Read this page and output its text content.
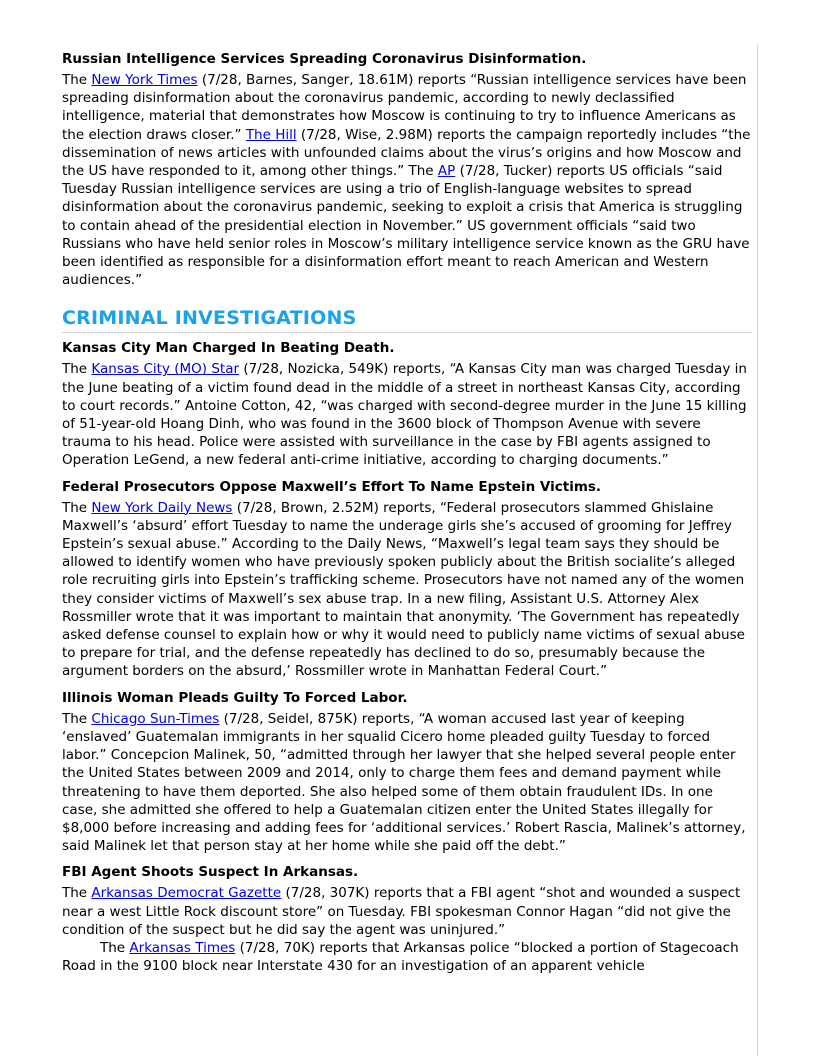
Russian Intelligence Services Spreading Coronavirus Disinformation.

The New York Times (7/28, Barnes, Sanger, 18.61M) reports “Russian intelligence services have been spreading disinformation about the coronavirus pandemic, according to newly declassified intelligence, material that demonstrates how Moscow is continuing to try to influence Americans as the election draws closer.” The Hill (7/28, Wise, 2.98M) reports the campaign reportedly includes “the dissemination of news articles with unfounded claims about the virus’s origins and how Moscow and the US have responded to it, among other things.” The AP (7/28, Tucker) reports US officials “said Tuesday Russian intelligence services are using a trio of English-language websites to spread disinformation about the coronavirus pandemic, seeking to exploit a crisis that America is struggling to contain ahead of the presidential election in November.” US government officials “said two Russians who have held senior roles in Moscow’s military intelligence service known as the GRU have been identified as responsible for a disinformation effort meant to reach American and Western audiences.”

CRIMINAL INVESTIGATIONS
Kansas City Man Charged In Beating Death.

The Kansas City (MO) Star (7/28, Nozicka, 549K) reports, “A Kansas City man was charged Tuesday in the June beating of a victim found dead in the middle of a street in northeast Kansas City, according to court records.” Antoine Cotton, 42, “was charged with second-degree murder in the June 15 killing of 51-year-old Hoang Dinh, who was found in the 3600 block of Thompson Avenue with severe trauma to his head. Police were assisted with surveillance in the case by FBI agents assigned to Operation LeGend, a new federal anti-crime initiative, according to charging documents.”

Federal Prosecutors Oppose Maxwell’s Effort To Name Epstein Victims.

The New York Daily News (7/28, Brown, 2.52M) reports, “Federal prosecutors slammed Ghislaine Maxwell’s ‘absurd’ effort Tuesday to name the underage girls she’s accused of grooming for Jeffrey Epstein’s sexual abuse.” According to the Daily News, “Maxwell’s legal team says they should be allowed to identify women who have previously spoken publicly about the British socialite’s alleged role recruiting girls into Epstein’s trafficking scheme. Prosecutors have not named any of the women they consider victims of Maxwell’s sex abuse trap. In a new filing, Assistant U.S. Attorney Alex Rossmiller wrote that it was important to maintain that anonymity. ‘The Government has repeatedly asked defense counsel to explain how or why it would need to publicly name victims of sexual abuse to prepare for trial, and the defense repeatedly has declined to do so, presumably because the argument borders on the absurd,’ Rossmiller wrote in Manhattan Federal Court.”

Illinois Woman Pleads Guilty To Forced Labor.

The Chicago Sun-Times (7/28, Seidel, 875K) reports, “A woman accused last year of keeping ‘enslaved’ Guatemalan immigrants in her squalid Cicero home pleaded guilty Tuesday to forced labor.” Concepcion Malinek, 50, “admitted through her lawyer that she helped several people enter the United States between 2009 and 2014, only to charge them fees and demand payment while threatening to have them deported. She also helped some of them obtain fraudulent IDs. In one case, she admitted she offered to help a Guatemalan citizen enter the United States illegally for $8,000 before increasing and adding fees for ‘additional services.’ Robert Rascia, Malinek’s attorney, said Malinek let that person stay at her home while she paid off the debt.”

FBI Agent Shoots Suspect In Arkansas.

The Arkansas Democrat Gazette (7/28, 307K) reports that a FBI agent “shot and wounded a suspect near a west Little Rock discount store” on Tuesday. FBI spokesman Connor Hagan “did not give the condition of the suspect but he did say the agent was uninjured.”

The Arkansas Times (7/28, 70K) reports that Arkansas police “blocked a portion of Stagecoach Road in the 9100 block near Interstate 430 for an investigation of an apparent vehicle
